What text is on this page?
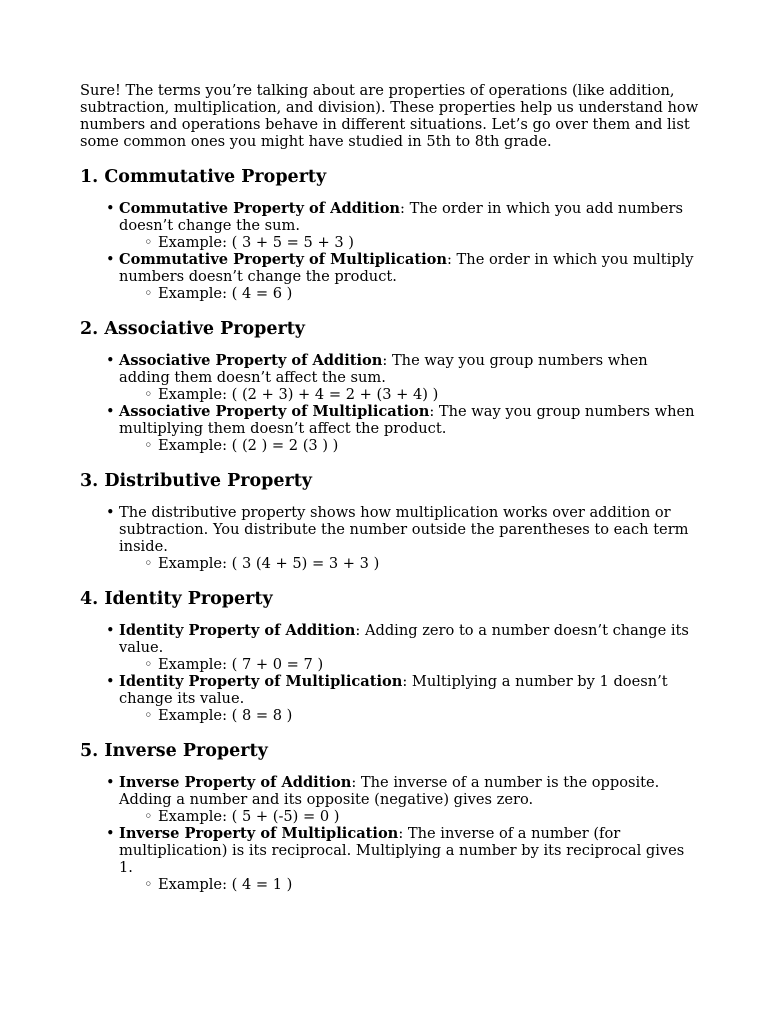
Sure! The terms you’re talking about are properties of operations (like addition, subtraction, multiplication, and division). These properties help us understand how numbers and operations behave in different situations. Let’s go over them and list some common ones you might have studied in 5th to 8th grade.

1. Commutative Property
• Commutative Property of Addition: The order in which you add numbers doesn’t change the sum.
◦ Example: ( 3 + 5 = 5 + 3 )
• Commutative Property of Multiplication: The order in which you multiply numbers doesn’t change the product.
◦ Example: ( 4 = 6 )
2. Associative Property
• Associative Property of Addition: The way you group numbers when adding them doesn’t affect the sum.
◦ Example: ( (2 + 3) + 4 = 2 + (3 + 4) )
• Associative Property of Multiplication: The way you group numbers when multiplying them doesn’t affect the product.
◦ Example: ( (2 ) = 2 (3 ) )
3. Distributive Property
• The distributive property shows how multiplication works over addition or subtraction. You distribute the number outside the parentheses to each term inside.
◦ Example: ( 3 (4 + 5) = 3 + 3 )
4. Identity Property
• Identity Property of Addition: Adding zero to a number doesn’t change its value.
◦ Example: ( 7 + 0 = 7 )
• Identity Property of Multiplication: Multiplying a number by 1 doesn’t change its value.
◦ Example: ( 8 = 8 )
5. Inverse Property
• Inverse Property of Addition: The inverse of a number is the opposite. Adding a number and its opposite (negative) gives zero.
◦ Example: ( 5 + (-5) = 0 )
• Inverse Property of Multiplication: The inverse of a number (for multiplication) is its reciprocal. Multiplying a number by its reciprocal gives 1.
◦ Example: ( 4 = 1 )
